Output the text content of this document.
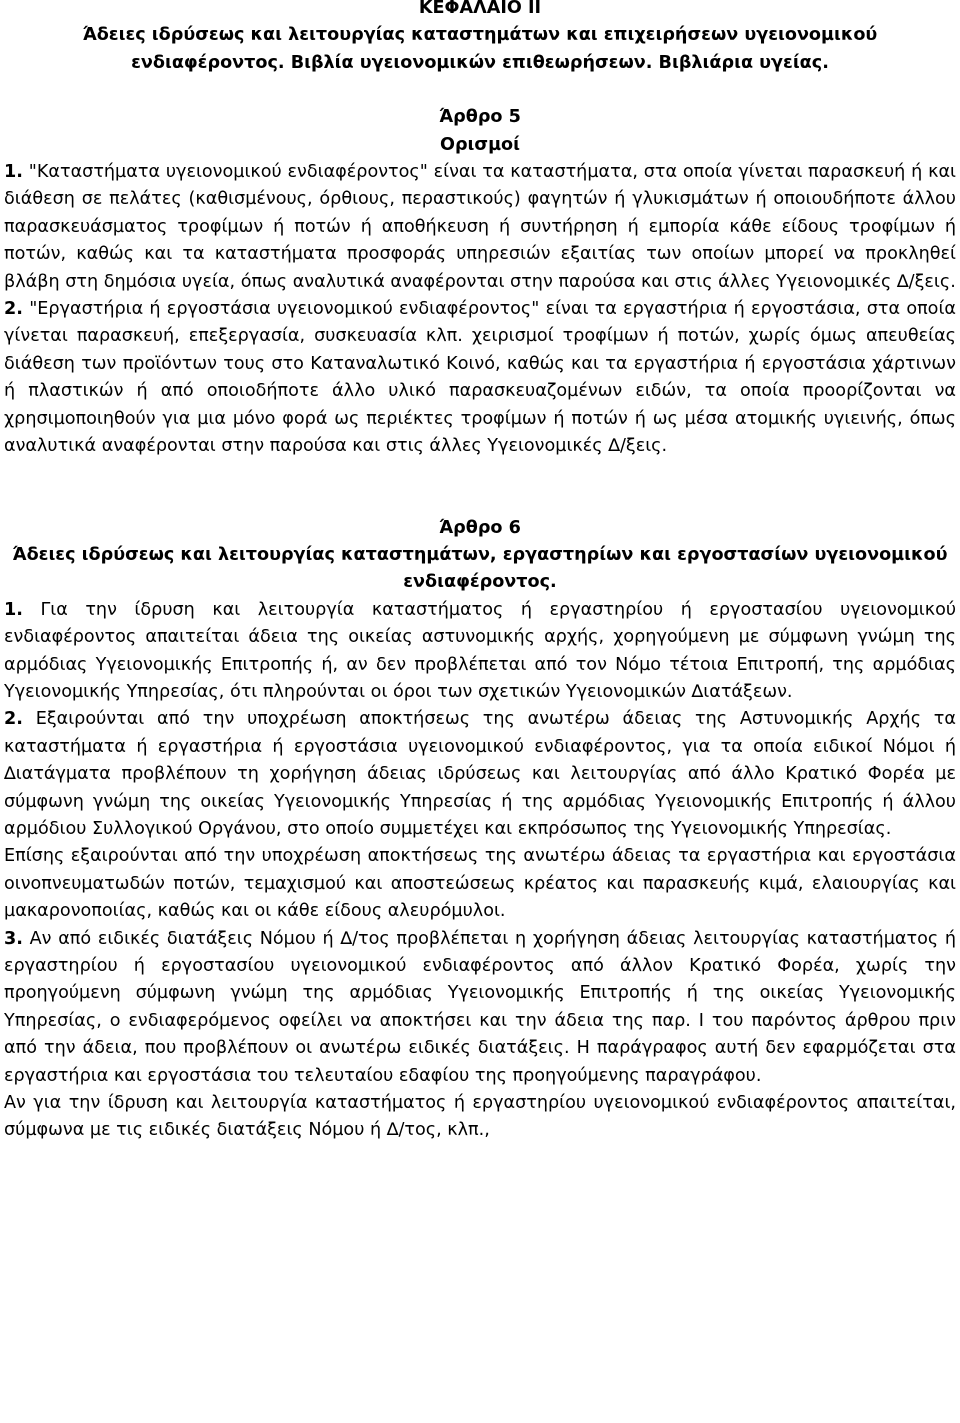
ΚΕΦΑΛΑΙΟ ΙΙ

Άδειες ιδρύσεως και λειτουργίας καταστηµάτων και επιχειρήσεων υγειονοµικού ενδιαφέροντος. Βιβλία υγειονοµικών επιθεωρήσεων. Βιβλιάρια υγείας.

Άρθρο 5

Ορισµοί

1. "Καταστήµατα υγειονοµικού ενδιαφέροντος" είναι τα καταστήµατα, στα οποία γίνεται παρασκευή ή και διάθεση σε πελάτες (καθισµένους, όρθιους, περαστικούς) φαγητών ή γλυκισµάτων ή οποιουδήποτε άλλου παρασκευάσµατος τροφίµων ή ποτών ή αποθήκευση ή συντήρηση ή εµπορία κάθε είδους τροφίµων ή ποτών, καθώς και τα καταστήµατα προσφοράς υπηρεσιών εξαιτίας των οποίων µπορεί να προκληθεί βλάβη στη δηµόσια υγεία, όπως αναλυτικά αναφέρονται στην παρούσα και στις άλλες Υγειονοµικές ∆/ξεις.

2. "Εργαστήρια ή εργοστάσια υγειονοµικού ενδιαφέροντος" είναι τα εργαστήρια ή εργοστάσια, στα οποία γίνεται παρασκευή, επεξεργασία, συσκευασία κλπ. χειρισµοί τροφίµων ή ποτών, χωρίς όµως απευθείας διάθεση των προϊόντων τους στο Καταναλωτικό Κοινό, καθώς και τα εργαστήρια ή εργοστάσια χάρτινων ή πλαστικών ή από οποιοδήποτε άλλο υλικό παρασκευαζοµένων ειδών, τα οποία προορίζονται να χρησιµοποιηθούν για µια µόνο φορά ως περιέκτες τροφίµων ή ποτών ή ως µέσα ατοµικής υγιεινής, όπως αναλυτικά αναφέρονται στην παρούσα και στις άλλες Υγειονοµικές ∆/ξεις.

Άρθρο 6

Άδειες ιδρύσεως και λειτουργίας καταστηµάτων, εργαστηρίων και εργοστασίων υγειονοµικού ενδιαφέροντος.

1. Για την ίδρυση και λειτουργία καταστήµατος ή εργαστηρίου ή εργοστασίου υγειονοµικού ενδιαφέροντος απαιτείται άδεια της οικείας αστυνοµικής αρχής, χορηγούµενη µε σύµφωνη γνώµη της αρµόδιας Υγειονοµικής Επιτροπής ή, αν δεν προβλέπεται από τον Νόµο τέτοια Επιτροπή, της αρµόδιας Υγειονοµικής Υπηρεσίας, ότι πληρούνται οι όροι των σχετικών Υγειονοµικών ∆ιατάξεων.

2. Εξαιρούνται από την υποχρέωση αποκτήσεως της ανωτέρω άδειας της Αστυνοµικής Αρχής τα καταστήµατα ή εργαστήρια ή εργοστάσια υγειονοµικού ενδιαφέροντος, για τα οποία ειδικοί Νόµοι ή ∆ιατάγµατα προβλέπουν τη χορήγηση άδειας ιδρύσεως και λειτουργίας από άλλο Κρατικό Φορέα µε σύµφωνη γνώµη της οικείας Υγειονοµικής Υπηρεσίας ή της αρµόδιας Υγειονοµικής Επιτροπής ή άλλου αρµόδιου Συλλογικού Οργάνου, στο οποίο συµµετέχει και εκπρόσωπος της Υγειονοµικής Υπηρεσίας.

Επίσης εξαιρούνται από την υποχρέωση αποκτήσεως της ανωτέρω άδειας τα εργαστήρια και εργοστάσια οινοπνευµατωδών ποτών, τεµαχισµού και αποστεώσεως κρέατος και παρασκευής κιµά, ελαιουργίας και µακαρονοποιίας, καθώς και οι κάθε είδους αλευρόµυλοι.

3. Αν από ειδικές διατάξεις Νόµου ή ∆/τος προβλέπεται η χορήγηση άδειας λειτουργίας καταστήµατος ή εργαστηρίου ή εργοστασίου υγειονοµικού ενδιαφέροντος από άλλον Κρατικό Φορέα, χωρίς την προηγούµενη σύµφωνη γνώµη της αρµόδιας Υγειονοµικής Επιτροπής ή της οικείας Υγειονοµικής Υπηρεσίας, ο ενδιαφερόµενος οφείλει να αποκτήσει και την άδεια της παρ. Ι του παρόντος άρθρου πριν από την άδεια, που προβλέπουν οι ανωτέρω ειδικές διατάξεις. Η παράγραφος αυτή δεν εφαρµόζεται στα εργαστήρια και εργοστάσια του τελευταίου εδαφίου της προηγούµενης παραγράφου.

Αν για την ίδρυση και λειτουργία καταστήµατος ή εργαστηρίου υγειονοµικού ενδιαφέροντος απαιτείται, σύµφωνα µε τις ειδικές διατάξεις Νόµου ή ∆/τος, κλπ.,
